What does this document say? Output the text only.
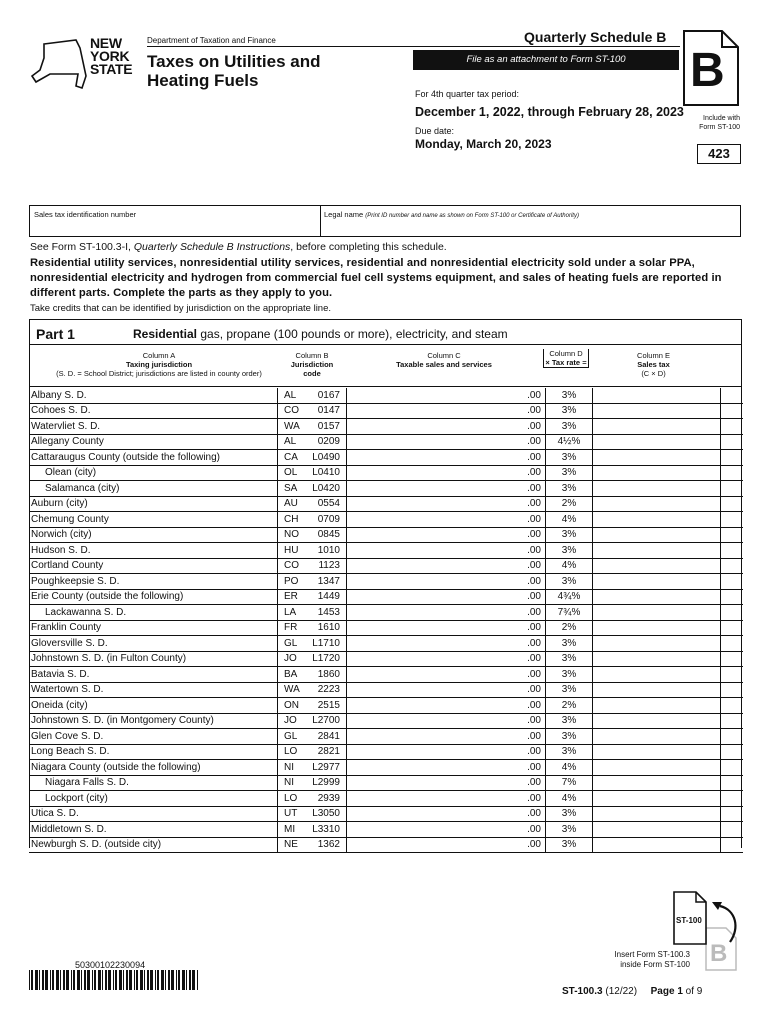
NEW
YORK
STATE
Department of Taxation and Finance
Taxes on Utilities and
Heating Fuels
Quarterly Schedule B
File as an attachment to Form ST-100	B
For 4th quarter tax period:
December 1, 2022, through February 28, 2023
Due date:
Monday, March 20, 2023
Include with
Form ST-100
423
Sales tax identification number	Legal name (Print ID number and name as shown on Form ST-100 or Certificate of Authority)
See Form ST-100.3-I, Quarterly Schedule B Instructions, before completing this schedule.
Residential utility services, nonresidential utility services, residential and nonresidential electricity sold under a solar PPA, nonresidential electricity and hydrogen from commercial fuel cell systems equipment, and sales of heating fuels are reported in different parts. Complete the parts as they apply to you.
Take credits that can be identified by jurisdiction on the appropriate line.
Part 1	Residential gas, propane (100 pounds or more), electricity, and steam
Column A
Taxing jurisdiction
(S. D. = School District; jurisdictions are listed in county order)
Column B
Jurisdiction
code
Column C
Taxable sales and services
Column D
× Tax rate =
Column E
Sales tax
(C × D)
Albany S. D.	AL 0167	.00	3%		
Cohoes S. D.	CO 0147	.00	3%		
Watervliet S. D.	WA 0157	.00	3%		
Allegany County	AL 0209	.00	4½%		
Cattaraugus County (outside the following)	CA L0490	.00	3%		
Olean (city)	OL L0410	.00	3%		
Salamanca (city)	SA L0420	.00	3%		
Auburn (city)	AU 0554	.00	2%		
Chemung County	CH 0709	.00	4%		
Norwich (city)	NO 0845	.00	3%		
Hudson S. D.	HU 1010	.00	3%		
Cortland County	CO 1123	.00	4%		
Poughkeepsie S. D.	PO 1347	.00	3%		
Erie County (outside the following)	ER 1449	.00	4¾%		
Lackawanna S. D.	LA 1453	.00	7¾%		
Franklin County	FR 1610	.00	2%		
Gloversville S. D.	GL L1710	.00	3%		
Johnstown S. D. (in Fulton County)	JO L1720	.00	3%		
Batavia S. D.	BA 1860	.00	3%		
Watertown S. D.	WA 2223	.00	3%		
Oneida (city)	ON 2515	.00	2%		
Johnstown S. D. (in Montgomery County)	JO L2700	.00	3%		
Glen Cove S. D.	GL 2841	.00	3%		
Long Beach S. D.	LO 2821	.00	3%		
Niagara County (outside the following)	NI L2977	.00	4%		
Niagara Falls S. D.	NI L2999	.00	7%		
Lockport (city)	LO 2939	.00	4%		
Utica S. D.	UT L3050	.00	3%		
Middletown S. D.	MI L3310	.00	3%		
Newburgh S. D. (outside city)	NE 1362	.00	3%		
50300102230094
ST-100
B
Insert Form ST-100.3
inside Form ST-100
ST-100.3 (12/22) Page 1 of 9
